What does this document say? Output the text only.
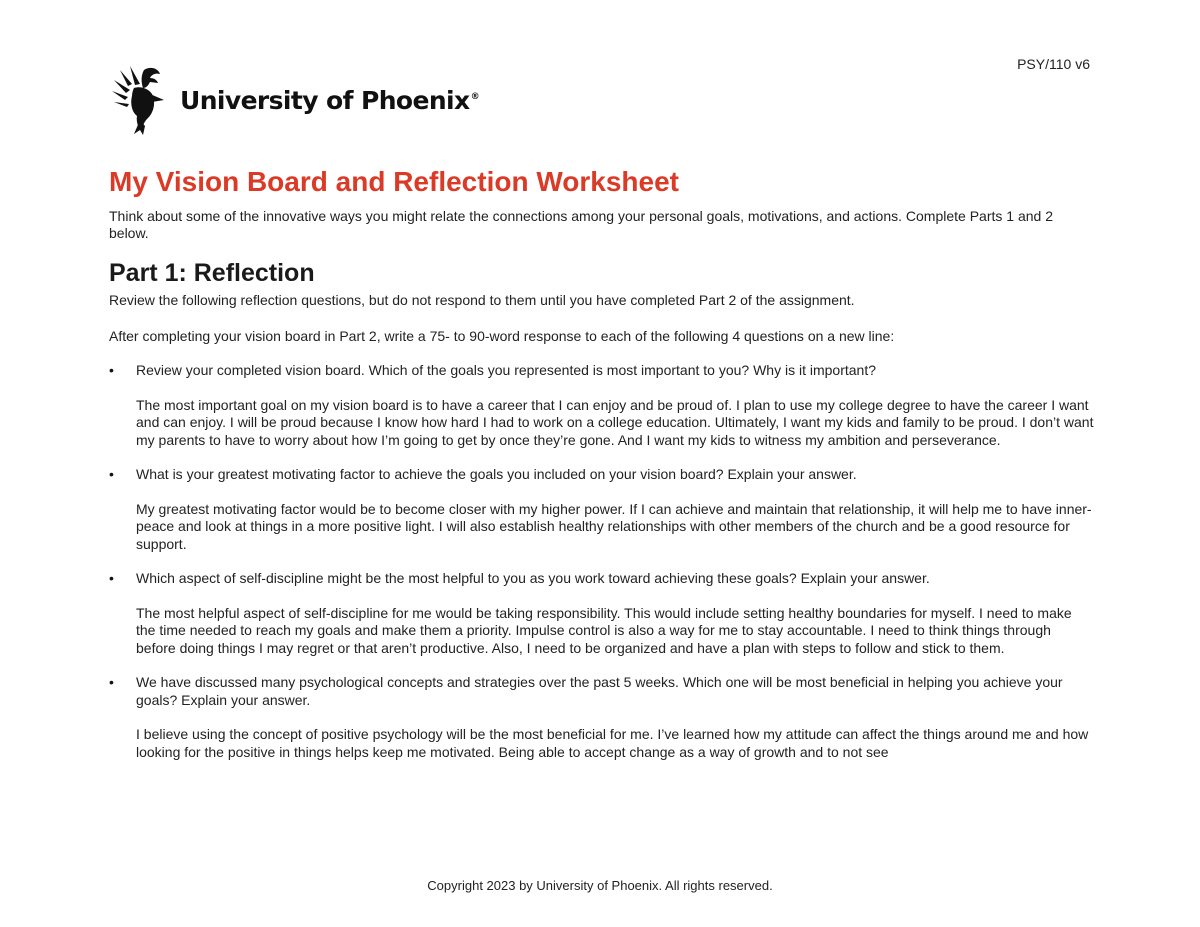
PSY/110 v6
University of Phoenix®
My Vision Board and Reflection Worksheet

Think about some of the innovative ways you might relate the connections among your personal goals, motivations, and actions. Complete Parts 1 and 2 below.

Part 1: Reflection

Review the following reflection questions, but do not respond to them until you have completed Part 2 of the assignment.

After completing your vision board in Part 2, write a 75- to 90-word response to each of the following 4 questions on a new line:

• Review your completed vision board. Which of the goals you represented is most important to you? Why is it important?

The most important goal on my vision board is to have a career that I can enjoy and be proud of. I plan to use my college degree to have the career I want and can enjoy. I will be proud because I know how hard I had to work on a college education. Ultimately, I want my kids and family to be proud. I don’t want my parents to have to worry about how I’m going to get by once they’re gone. And I want my kids to witness my ambition and perseverance.

• What is your greatest motivating factor to achieve the goals you included on your vision board? Explain your answer.

My greatest motivating factor would be to become closer with my higher power. If I can achieve and maintain that relationship, it will help me to have inner-peace and look at things in a more positive light. I will also establish healthy relationships with other members of the church and be a good resource for support.

• Which aspect of self-discipline might be the most helpful to you as you work toward achieving these goals? Explain your answer.

The most helpful aspect of self-discipline for me would be taking responsibility. This would include setting healthy boundaries for myself. I need to make the time needed to reach my goals and make them a priority. Impulse control is also a way for me to stay accountable. I need to think things through before doing things I may regret or that aren’t productive. Also, I need to be organized and have a plan with steps to follow and stick to them.

• We have discussed many psychological concepts and strategies over the past 5 weeks. Which one will be most beneficial in helping you achieve your goals? Explain your answer.

I believe using the concept of positive psychology will be the most beneficial for me. I’ve learned how my attitude can affect the things around me and how looking for the positive in things helps keep me motivated. Being able to accept change as a way of growth and to not see

Copyright 2023 by University of Phoenix. All rights reserved.
